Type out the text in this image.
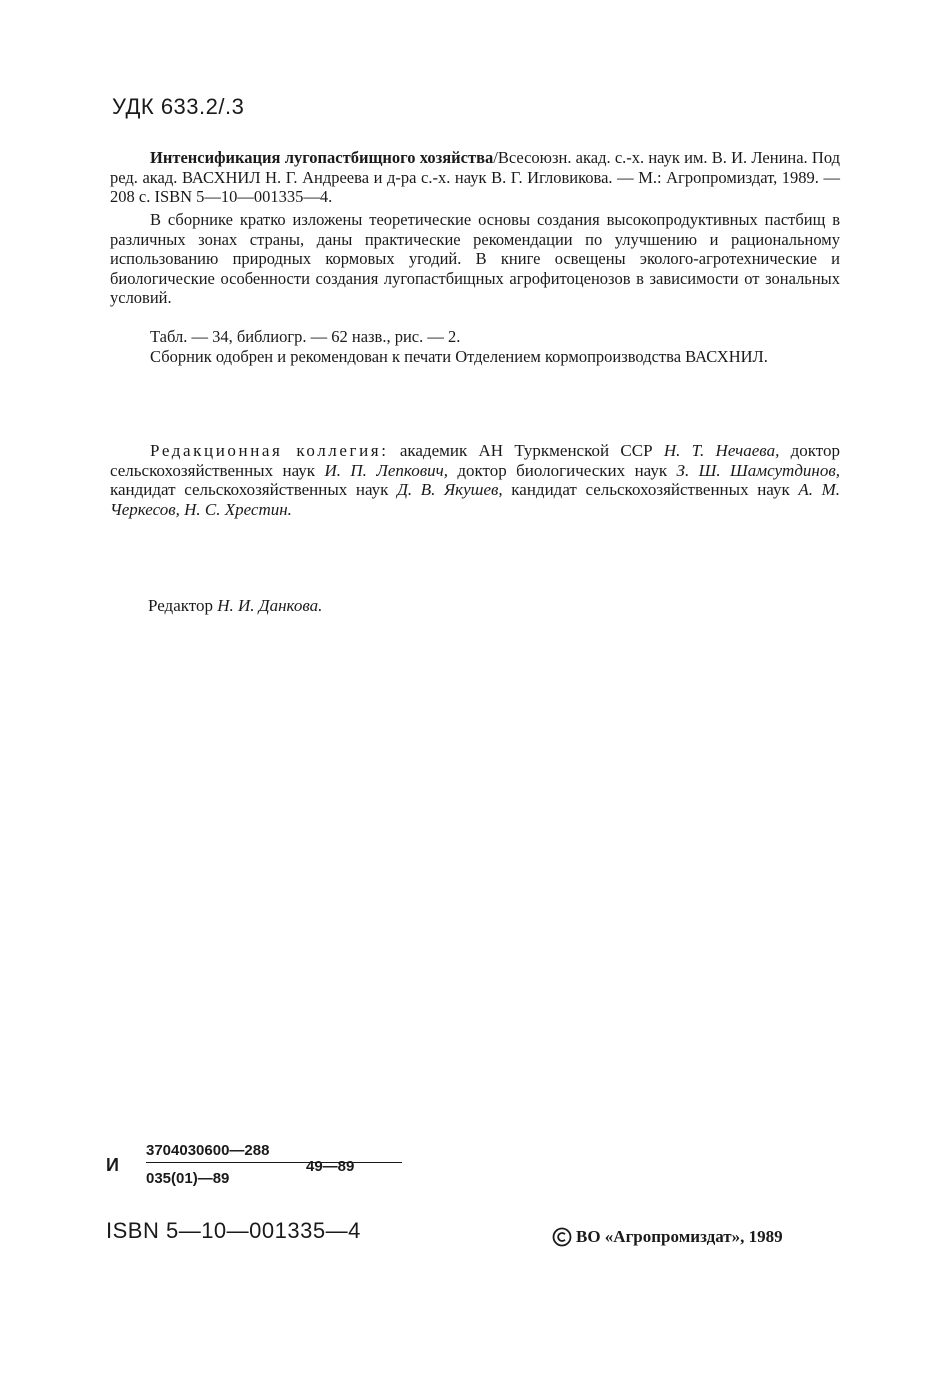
УДК 633.2/.3

Интенсификация лугопастбищного хозяйства/Всесоюзн. акад. с.-х. наук им. В. И. Ленина. Под ред. акад. ВАСХНИЛ Н. Г. Андреева и д-ра с.-х. наук В. Г. Игловикова. — М.: Агропромиздат, 1989. — 208 с. ISBN 5—10—001335—4.

В сборнике кратко изложены теоретические основы создания высокопродуктивных пастбищ в различных зонах страны, даны практические рекомендации по улучшению и рациональному использованию природных кормовых угодий. В книге освещены эколого-агротехнические и биологические особенности создания лугопастбищных агрофитоценозов в зависимости от зональных условий.

Табл. — 34, библиогр. — 62 назв., рис. — 2.

Сборник одобрен и рекомендован к печати Отделением кормопроизводства ВАСХНИЛ.

Редакционная коллегия: академик АН Туркменской ССР Н. Т. Нечаева, доктор сельскохозяйственных наук И. П. Лепкович, доктор биологических наук З. Ш. Шамсутдинов, кандидат сельскохозяйственных наук Д. В. Якушев, кандидат сельскохозяйственных наук А. М. Черкесов, Н. С. Хрестин.

Редактор Н. И. Данкова.
И
3704030600—288
035(01)—89
49—89
ISBN 5—10—001335—4	ВО «Агропромиздат», 1989
